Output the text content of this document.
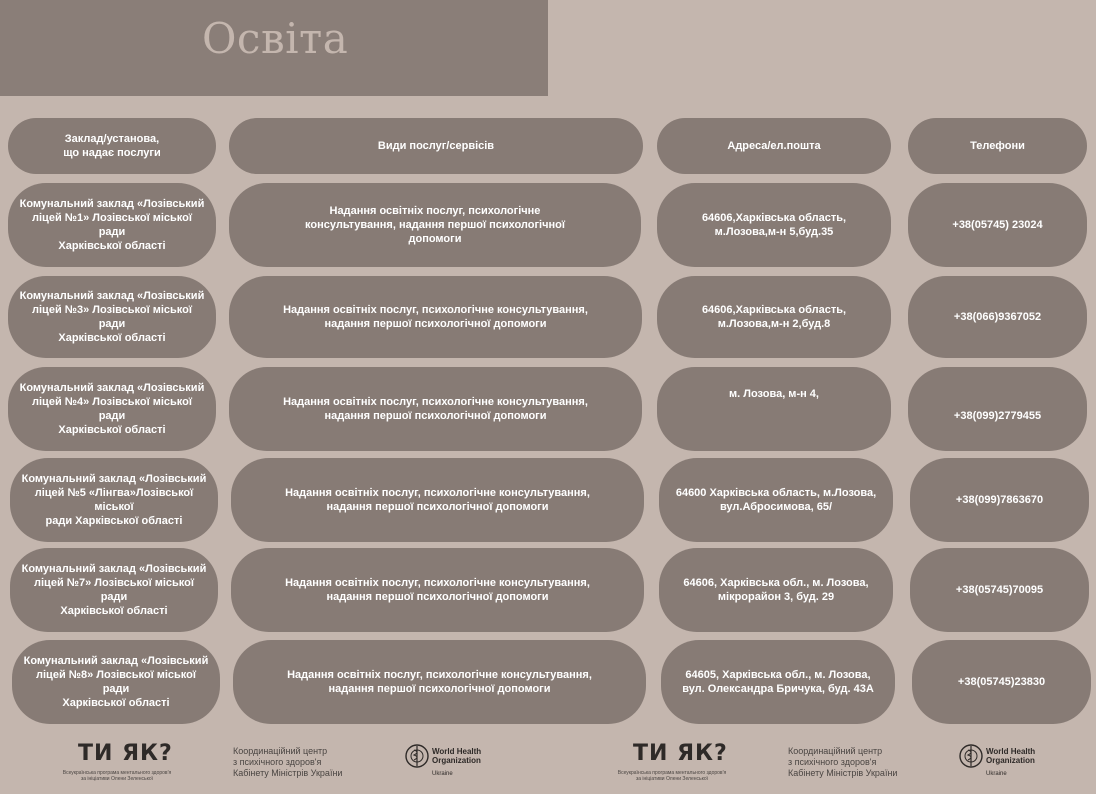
Освіта
Заклад/установа,
що надає послуги
Види послуг/сервісів	Адреса/ел.пошта	Телефони
Комунальний заклад «Лозівський
ліцей №1» Лозівської міської ради
Харківської області
Надання освітніх послуг, психологічне
консультування, надання першої психологічної
допомоги
64606,Харківська область,
м.Лозова,м-н 5,буд.35
+38(05745) 23024
Комунальний заклад «Лозівський
ліцей №3» Лозівської міської ради
Харківської області
Надання освітніх послуг, психологічне консультування,
надання першої психологічної допомоги
64606,Харківська область,
м.Лозова,м-н 2,буд.8
+38(066)9367052
Комунальний заклад «Лозівський
ліцей №4» Лозівської міської ради
Харківської області
Надання освітніх послуг, психологічне консультування,
надання першої психологічної допомоги
м. Лозова, м-н 4,
+38(099)2779455
Комунальний заклад «Лозівський
ліцей №5 «Лінгва»Лозівської міської
ради Харківської області
Надання освітніх послуг, психологічне консультування,
надання першої психологічної допомоги
64600 Харківська область, м.Лозова,
вул.Абросимова, 65/
+38(099)7863670
Комунальний заклад «Лозівський
ліцей №7» Лозівської міської ради
Харківської області
Надання освітніх послуг, психологічне консультування,
надання першої психологічної допомоги
64606, Харківська обл., м. Лозова,
мікрорайон 3, буд. 29
+38(05745)70095
Комунальний заклад «Лозівський
ліцей №8» Лозівської міської ради
Харківської області
Надання освітніх послуг, психологічне консультування,
надання першої психологічної допомоги
64605, Харківська обл., м. Лозова,
вул. Олександра Бричука, буд. 43А
+38(05745)23830
ТИ ЯК?
Всеукраїнська програма ментального здоров'я
за ініціативи Олени Зеленської
Координаційний центр
з психічного здоров'я
Кабінету Міністрів України
World Health
Organization
Ukraine
ТИ ЯК?
Всеукраїнська програма ментального здоров'я
за ініціативи Олени Зеленської
Координаційний центр
з психічного здоров'я
Кабінету Міністрів України
World Health
Organization
Ukraine
